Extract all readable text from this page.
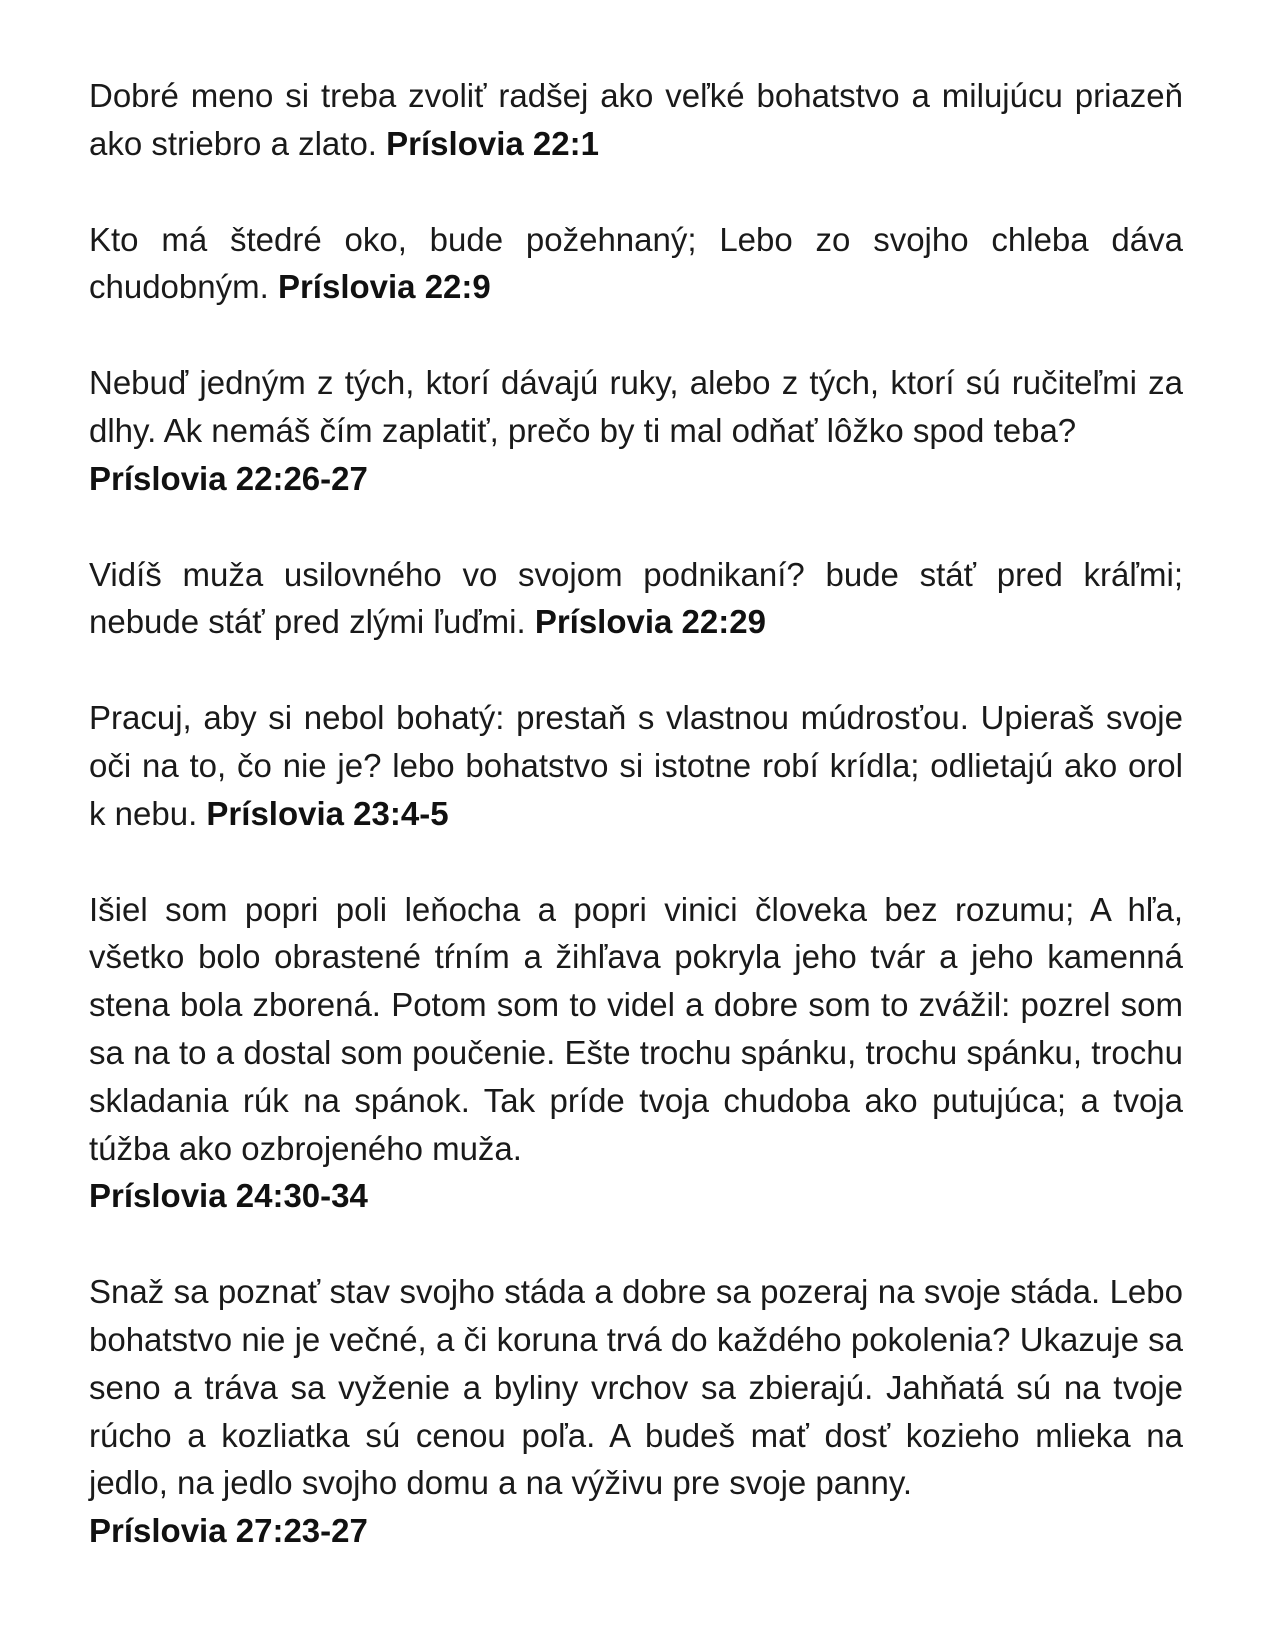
Dobré meno si treba zvoliť radšej ako veľké bohatstvo a milujúcu priazeň ako striebro a zlato. Príslovia 22:1

Kto má štedré oko, bude požehnaný; Lebo zo svojho chleba dáva chudobným. Príslovia 22:9

Nebuď jedným z tých, ktorí dávajú ruky, alebo z tých, ktorí sú ručiteľmi za dlhy. Ak nemáš čím zaplatiť, prečo by ti mal odňať lôžko spod teba?
Príslovia 22:26-27

Vidíš muža usilovného vo svojom podnikaní? bude stáť pred kráľmi; nebude stáť pred zlými ľuďmi. Príslovia 22:29

Pracuj, aby si nebol bohatý: prestaň s vlastnou múdrosťou. Upieraš svoje oči na to, čo nie je? lebo bohatstvo si istotne robí krídla; odlietajú ako orol k nebu. Príslovia 23:4-5

Išiel som popri poli leňocha a popri vinici človeka bez rozumu; A hľa, všetko bolo obrastené tŕním a žihľava pokryla jeho tvár a jeho kamenná stena bola zborená. Potom som to videl a dobre som to zvážil: pozrel som sa na to a dostal som poučenie. Ešte trochu spánku, trochu spánku, trochu skladania rúk na spánok. Tak príde tvoja chudoba ako putujúca; a tvoja túžba ako ozbrojeného muža.
Príslovia 24:30-34

Snaž sa poznať stav svojho stáda a dobre sa pozeraj na svoje stáda. Lebo bohatstvo nie je večné, a či koruna trvá do každého pokolenia? Ukazuje sa seno a tráva sa vyženie a byliny vrchov sa zbierajú. Jahňatá sú na tvoje rúcho a kozliatka sú cenou poľa. A budeš mať dosť kozieho mlieka na jedlo, na jedlo svojho domu a na výživu pre svoje panny.
Príslovia 27:23-27
